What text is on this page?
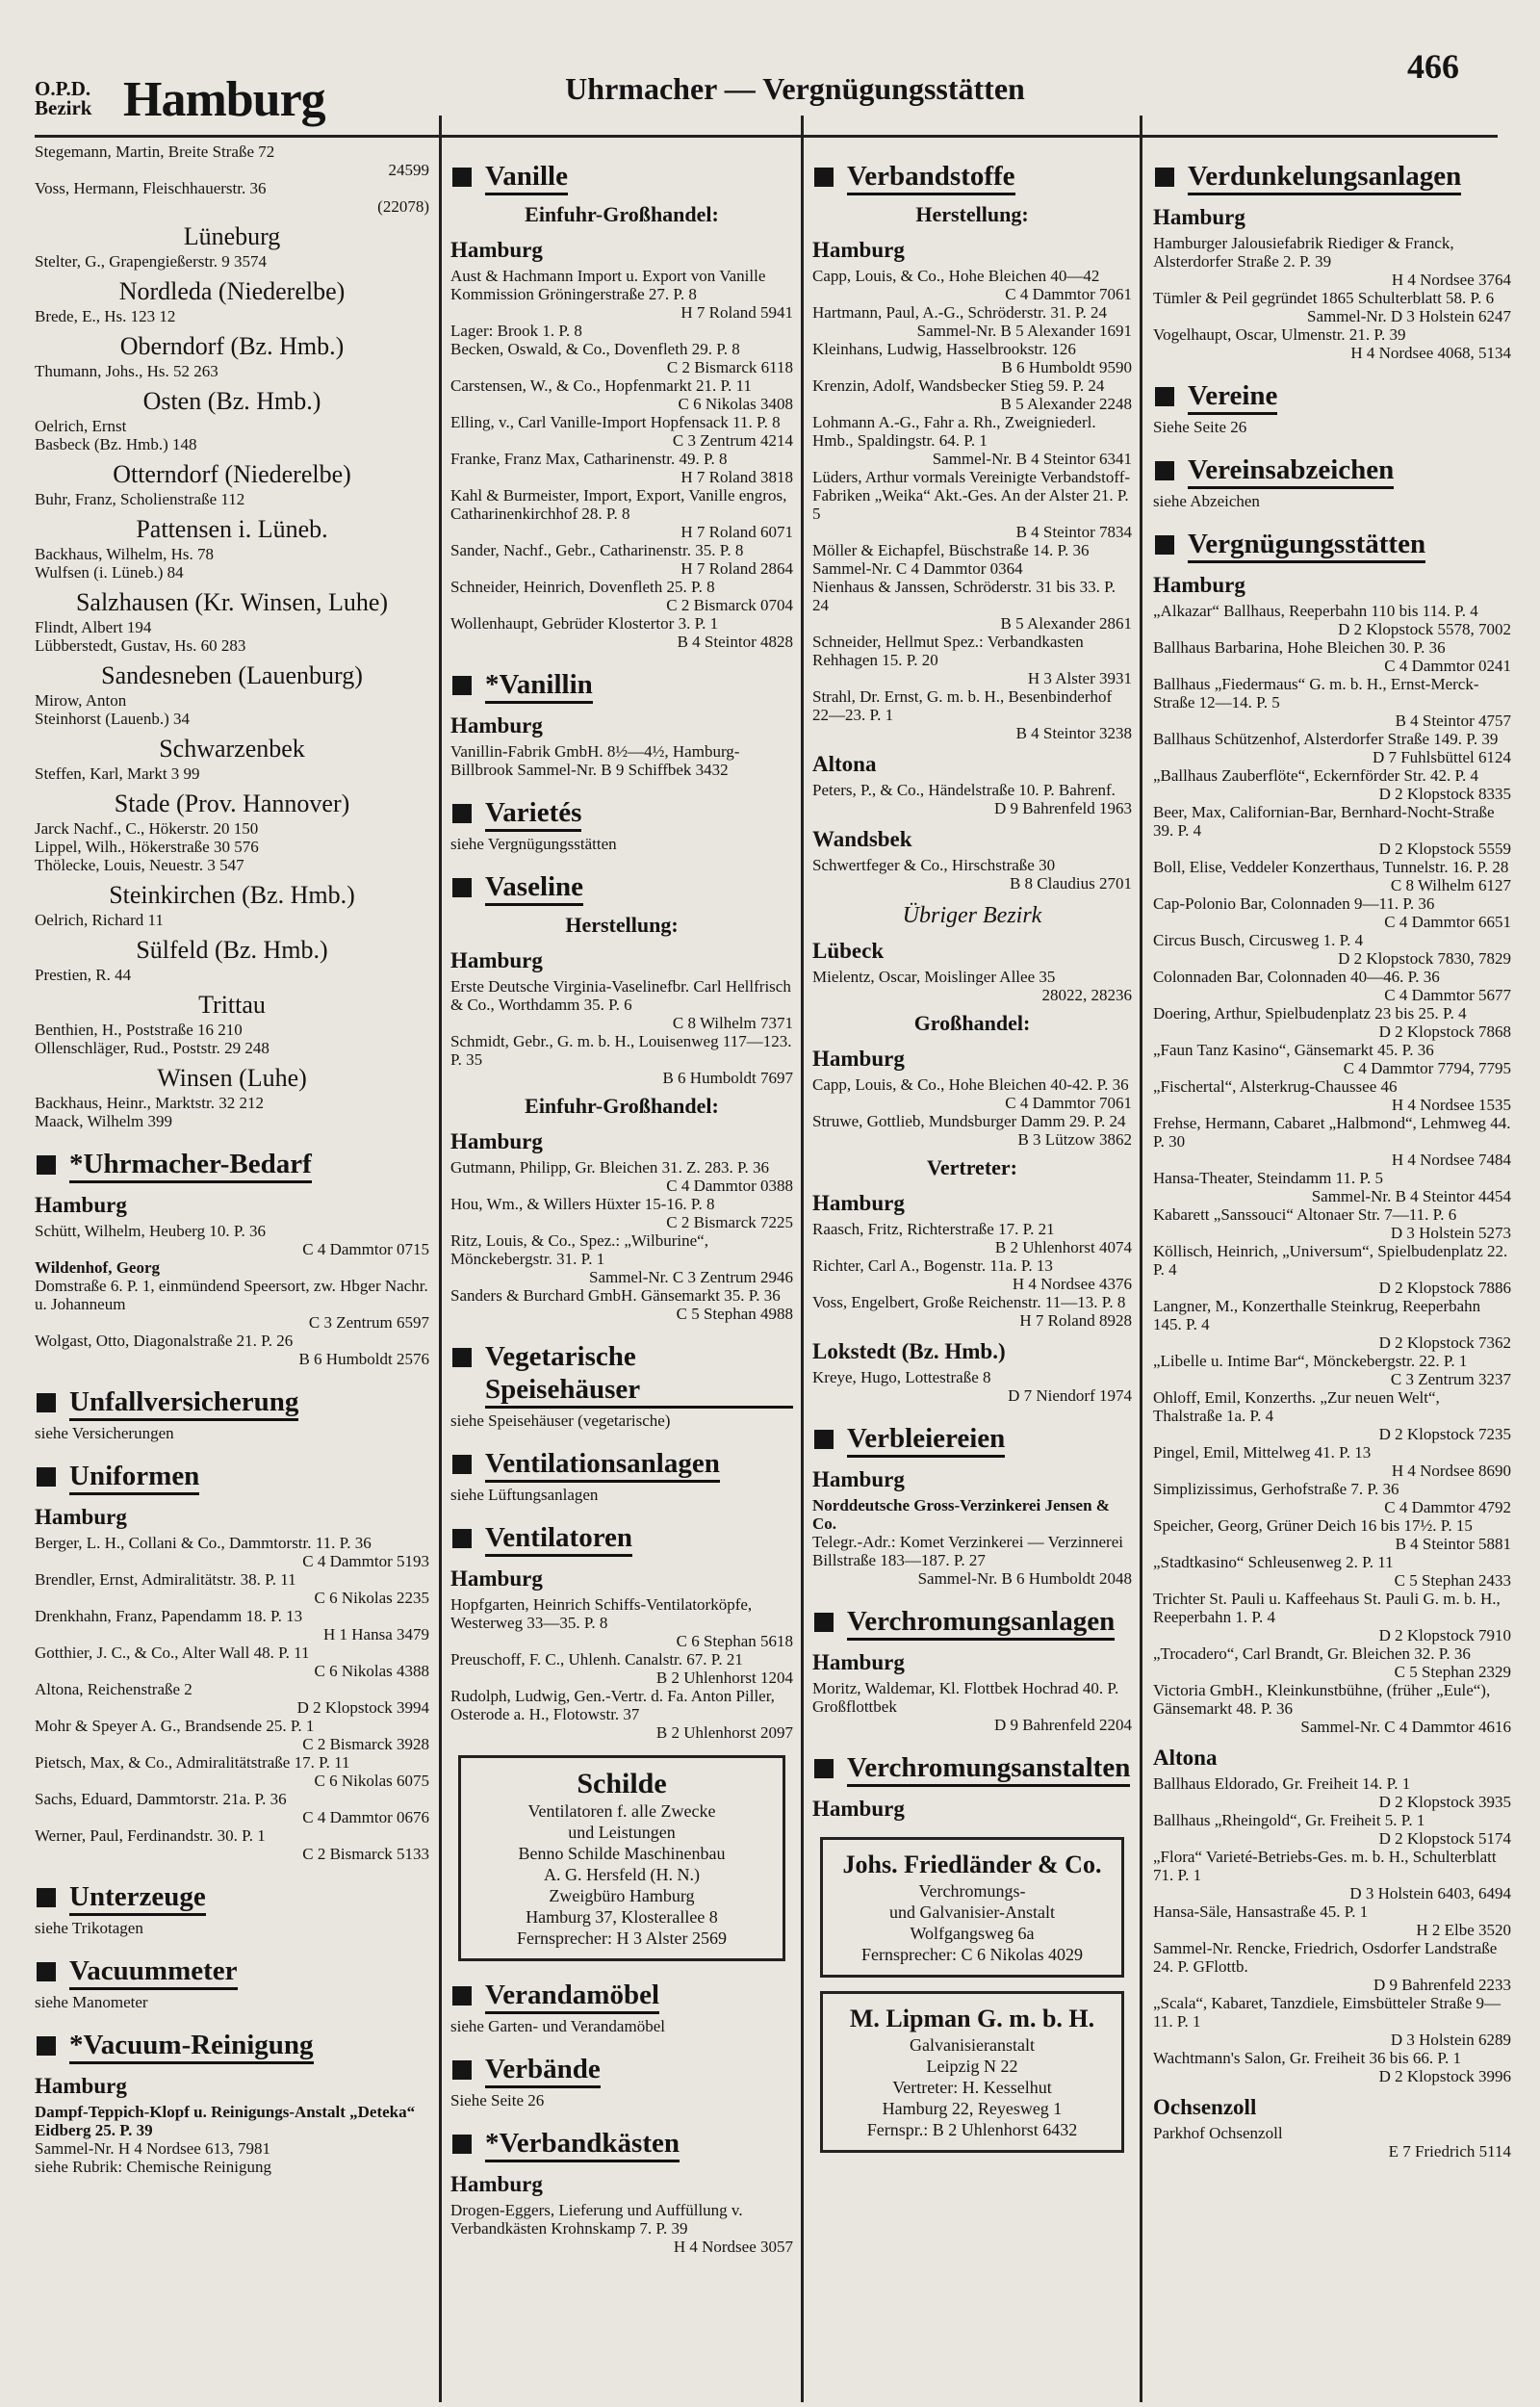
O.P.D.
Bezirk Hamburg	Uhrmacher — Vergnügungsstätten
466
Stegemann, Martin, Breite Straße 72
24599
Voss, Hermann, Fleischhauerstr. 36
(22078)
Lüneburg
Stelter, G., Grapengießerstr. 9 3574
Nordleda (Niederelbe)
Brede, E., Hs. 123 12
Oberndorf (Bz. Hmb.)
Thumann, Johs., Hs. 52 263
Osten (Bz. Hmb.)
Oelrich, Ernst
Basbeck (Bz. Hmb.) 148
Otterndorf (Niederelbe)
Buhr, Franz, Scholienstraße 112
Pattensen i. Lüneb.
Backhaus, Wilhelm, Hs. 78
Wulfsen (i. Lüneb.) 84
Salzhausen (Kr. Winsen, Luhe)
Flindt, Albert 194
Lübberstedt, Gustav, Hs. 60 283
Sandesneben (Lauenburg)
Mirow, Anton
Steinhorst (Lauenb.) 34
Schwarzenbek
Steffen, Karl, Markt 3 99
Stade (Prov. Hannover)
Jarck Nachf., C., Hökerstr. 20 150
Lippel, Wilh., Hökerstraße 30 576
Thölecke, Louis, Neuestr. 3 547
Steinkirchen (Bz. Hmb.)
Oelrich, Richard 11
Sülfeld (Bz. Hmb.)
Prestien, R. 44
Trittau
Benthien, H., Poststraße 16 210
Ollenschläger, Rud., Poststr. 29 248
Winsen (Luhe)
Backhaus, Heinr., Marktstr. 32 212
Maack, Wilhelm 399
*Uhrmacher-Bedarf
Hamburg
Schütt, Wilhelm, Heuberg 10. P. 36
C 4 Dammtor 0715
Wildenhof, Georg
Domstraße 6. P. 1, einmündend Speersort, zw. Hbger Nachr. u. Johanneum
C 3 Zentrum 6597
Wolgast, Otto, Diagonalstraße 21. P. 26
B 6 Humboldt 2576
Unfallversicherung
siehe Versicherungen
Uniformen
Hamburg
Berger, L. H., Collani & Co., Dammtorstr. 11. P. 36
C 4 Dammtor 5193
Brendler, Ernst, Admiralitätstr. 38. P. 11
C 6 Nikolas 2235
Drenkhahn, Franz, Papendamm 18. P. 13
H 1 Hansa 3479
Gotthier, J. C., & Co., Alter Wall 48. P. 11
C 6 Nikolas 4388
Altona, Reichenstraße 2
D 2 Klopstock 3994
Mohr & Speyer A. G., Brandsende 25. P. 1
C 2 Bismarck 3928
Pietsch, Max, & Co., Admiralitätstraße 17. P. 11
C 6 Nikolas 6075
Sachs, Eduard, Dammtorstr. 21a. P. 36
C 4 Dammtor 0676
Werner, Paul, Ferdinandstr. 30. P. 1
C 2 Bismarck 5133
Unterzeuge
siehe Trikotagen
Vacuummeter
siehe Manometer
*Vacuum-Reinigung
Hamburg
Dampf-Teppich-Klopf u. Reinigungs-Anstalt „Deteka“ Eidberg 25. P. 39
Sammel-Nr. H 4 Nordsee 613, 7981
siehe Rubrik: Chemische Reinigung
Vanille
Einfuhr-Großhandel:
Hamburg
Aust & Hachmann Import u. Export von Vanille Kommission Gröningerstraße 27. P. 8
H 7 Roland 5941
Lager: Brook 1. P. 8
Becken, Oswald, & Co., Dovenfleth 29. P. 8
C 2 Bismarck 6118
Carstensen, W., & Co., Hopfenmarkt 21. P. 11
C 6 Nikolas 3408
Elling, v., Carl Vanille-Import Hopfensack 11. P. 8
C 3 Zentrum 4214
Franke, Franz Max, Catharinenstr. 49. P. 8
H 7 Roland 3818
Kahl & Burmeister, Import, Export, Vanille engros, Catharinenkirchhof 28. P. 8
H 7 Roland 6071
Sander, Nachf., Gebr., Catharinenstr. 35. P. 8
H 7 Roland 2864
Schneider, Heinrich, Dovenfleth 25. P. 8
C 2 Bismarck 0704
Wollenhaupt, Gebrüder Klostertor 3. P. 1
B 4 Steintor 4828
*Vanillin
Hamburg
Vanillin-Fabrik GmbH. 8½—4½, Hamburg-Billbrook Sammel-Nr. B 9 Schiffbek 3432
Varietés
siehe Vergnügungsstätten
Vaseline
Herstellung:
Hamburg
Erste Deutsche Virginia-Vaselinefbr. Carl Hellfrisch & Co., Worthdamm 35. P. 6
C 8 Wilhelm 7371
Schmidt, Gebr., G. m. b. H., Louisenweg 117—123. P. 35
B 6 Humboldt 7697
Einfuhr-Großhandel:
Hamburg
Gutmann, Philipp, Gr. Bleichen 31. Z. 283. P. 36
C 4 Dammtor 0388
Hou, Wm., & Willers Hüxter 15-16. P. 8
C 2 Bismarck 7225
Ritz, Louis, & Co., Spez.: „Wilburine“, Mönckebergstr. 31. P. 1
Sammel-Nr. C 3 Zentrum 2946
Sanders & Burchard GmbH. Gänsemarkt 35. P. 36
C 5 Stephan 4988
Vegetarische Speisehäuser
siehe Speisehäuser (vegetarische)
Ventilationsanlagen
siehe Lüftungsanlagen
Ventilatoren
Hamburg
Hopfgarten, Heinrich Schiffs-Ventilatorköpfe, Westerweg 33—35. P. 8
C 6 Stephan 5618
Preuschoff, F. C., Uhlenh. Canalstr. 67. P. 21
B 2 Uhlenhorst 1204
Rudolph, Ludwig, Gen.-Vertr. d. Fa. Anton Piller, Osterode a. H., Flotowstr. 37
B 2 Uhlenhorst 2097
Schilde
Ventilatoren f. alle Zwecke
und Leistungen
Benno Schilde Maschinenbau
A. G. Hersfeld (H. N.)
Zweigbüro Hamburg
Hamburg 37, Klosterallee 8
Fernsprecher: H 3 Alster 2569
Verandamöbel
siehe Garten- und Verandamöbel
Verbände
Siehe Seite 26
*Verbandkästen
Hamburg
Drogen-Eggers, Lieferung und Auffüllung v. Verbandkästen Krohnskamp 7. P. 39
H 4 Nordsee 3057
Verbandstoffe
Herstellung:
Hamburg
Capp, Louis, & Co., Hohe Bleichen 40—42
C 4 Dammtor 7061
Hartmann, Paul, A.-G., Schröderstr. 31. P. 24
Sammel-Nr. B 5 Alexander 1691
Kleinhans, Ludwig, Hasselbrookstr. 126
B 6 Humboldt 9590
Krenzin, Adolf, Wandsbecker Stieg 59. P. 24
B 5 Alexander 2248
Lohmann A.-G., Fahr a. Rh., Zweigniederl. Hmb., Spaldingstr. 64. P. 1
Sammel-Nr. B 4 Steintor 6341
Lüders, Arthur vormals Vereinigte Verbandstoff-Fabriken „Weika“ Akt.-Ges. An der Alster 21. P. 5
B 4 Steintor 7834
Möller & Eichapfel, Büschstraße 14. P. 36 Sammel-Nr. C 4 Dammtor 0364
Nienhaus & Janssen, Schröderstr. 31 bis 33. P. 24
B 5 Alexander 2861
Schneider, Hellmut Spez.: Verbandkasten Rehhagen 15. P. 20
H 3 Alster 3931
Strahl, Dr. Ernst, G. m. b. H., Besenbinderhof 22—23. P. 1
B 4 Steintor 3238
Altona
Peters, P., & Co., Händelstraße 10. P. Bahrenf.
D 9 Bahrenfeld 1963
Wandsbek
Schwertfeger & Co., Hirschstraße 30
B 8 Claudius 2701
Übriger Bezirk
Lübeck
Mielentz, Oscar, Moislinger Allee 35
28022, 28236
Großhandel:
Hamburg
Capp, Louis, & Co., Hohe Bleichen 40-42. P. 36
C 4 Dammtor 7061
Struwe, Gottlieb, Mundsburger Damm 29. P. 24
B 3 Lützow 3862
Vertreter:
Hamburg
Raasch, Fritz, Richterstraße 17. P. 21
B 2 Uhlenhorst 4074
Richter, Carl A., Bogenstr. 11a. P. 13
H 4 Nordsee 4376
Voss, Engelbert, Große Reichenstr. 11—13. P. 8
H 7 Roland 8928
Lokstedt (Bz. Hmb.)
Kreye, Hugo, Lottestraße 8
D 7 Niendorf 1974
Verbleiereien
Hamburg
Norddeutsche Gross-Verzinkerei Jensen & Co.
Telegr.-Adr.: Komet Verzinkerei — Verzinnerei Billstraße 183—187. P. 27
Sammel-Nr. B 6 Humboldt 2048
Verchromungsanlagen
Hamburg
Moritz, Waldemar, Kl. Flottbek Hochrad 40. P. Großflottbek
D 9 Bahrenfeld 2204
Verchromungsanstalten
Hamburg
Johs. Friedländer & Co.
Verchromungs-
und Galvanisier-Anstalt
Wolfgangsweg 6a
Fernsprecher: C 6 Nikolas 4029
M. Lipman G. m. b. H.
Galvanisieranstalt
Leipzig N 22
Vertreter: H. Kesselhut
Hamburg 22, Reyesweg 1
Fernspr.: B 2 Uhlenhorst 6432
Verdunkelungsanlagen
Hamburg
Hamburger Jalousiefabrik Riediger & Franck, Alsterdorfer Straße 2. P. 39
H 4 Nordsee 3764
Tümler & Peil gegründet 1865 Schulterblatt 58. P. 6
Sammel-Nr. D 3 Holstein 6247
Vogelhaupt, Oscar, Ulmenstr. 21. P. 39
H 4 Nordsee 4068, 5134
Vereine
Siehe Seite 26
Vereinsabzeichen
siehe Abzeichen
Vergnügungsstätten
Hamburg
„Alkazar“ Ballhaus, Reeperbahn 110 bis 114. P. 4
D 2 Klopstock 5578, 7002
Ballhaus Barbarina, Hohe Bleichen 30. P. 36
C 4 Dammtor 0241
Ballhaus „Fiedermaus“ G. m. b. H., Ernst-Merck-Straße 12—14. P. 5
B 4 Steintor 4757
Ballhaus Schützenhof, Alsterdorfer Straße 149. P. 39
D 7 Fuhlsbüttel 6124
„Ballhaus Zauberflöte“, Eckernförder Str. 42. P. 4
D 2 Klopstock 8335
Beer, Max, Californian-Bar, Bernhard-Nocht-Straße 39. P. 4
D 2 Klopstock 5559
Boll, Elise, Veddeler Konzerthaus, Tunnelstr. 16. P. 28
C 8 Wilhelm 6127
Cap-Polonio Bar, Colonnaden 9—11. P. 36
C 4 Dammtor 6651
Circus Busch, Circusweg 1. P. 4
D 2 Klopstock 7830, 7829
Colonnaden Bar, Colonnaden 40—46. P. 36
C 4 Dammtor 5677
Doering, Arthur, Spielbudenplatz 23 bis 25. P. 4
D 2 Klopstock 7868
„Faun Tanz Kasino“, Gänsemarkt 45. P. 36
C 4 Dammtor 7794, 7795
„Fischertal“, Alsterkrug-Chaussee 46
H 4 Nordsee 1535
Frehse, Hermann, Cabaret „Halbmond“, Lehmweg 44. P. 30
H 4 Nordsee 7484
Hansa-Theater, Steindamm 11. P. 5
Sammel-Nr. B 4 Steintor 4454
Kabarett „Sanssouci“ Altonaer Str. 7—11. P. 6
D 3 Holstein 5273
Köllisch, Heinrich, „Universum“, Spielbudenplatz 22. P. 4
D 2 Klopstock 7886
Langner, M., Konzerthalle Steinkrug, Reeperbahn 145. P. 4
D 2 Klopstock 7362
„Libelle u. Intime Bar“, Mönckebergstr. 22. P. 1
C 3 Zentrum 3237
Ohloff, Emil, Konzerths. „Zur neuen Welt“, Thalstraße 1a. P. 4
D 2 Klopstock 7235
Pingel, Emil, Mittelweg 41. P. 13
H 4 Nordsee 8690
Simplizissimus, Gerhofstraße 7. P. 36
C 4 Dammtor 4792
Speicher, Georg, Grüner Deich 16 bis 17½. P. 15
B 4 Steintor 5881
„Stadtkasino“ Schleusenweg 2. P. 11
C 5 Stephan 2433
Trichter St. Pauli u. Kaffeehaus St. Pauli G. m. b. H., Reeperbahn 1. P. 4
D 2 Klopstock 7910
„Trocadero“, Carl Brandt, Gr. Bleichen 32. P. 36
C 5 Stephan 2329
Victoria GmbH., Kleinkunstbühne, (früher „Eule“), Gänsemarkt 48. P. 36
Sammel-Nr. C 4 Dammtor 4616
Altona
Ballhaus Eldorado, Gr. Freiheit 14. P. 1
D 2 Klopstock 3935
Ballhaus „Rheingold“, Gr. Freiheit 5. P. 1
D 2 Klopstock 5174
„Flora“ Varieté-Betriebs-Ges. m. b. H., Schulterblatt 71. P. 1
D 3 Holstein 6403, 6494
Hansa-Säle, Hansastraße 45. P. 1
H 2 Elbe 3520
Sammel-Nr. Rencke, Friedrich, Osdorfer Landstraße 24. P. GFlottb.
D 9 Bahrenfeld 2233
„Scala“, Kabaret, Tanzdiele, Eimsbütteler Straße 9—11. P. 1
D 3 Holstein 6289
Wachtmann's Salon, Gr. Freiheit 36 bis 66. P. 1
D 2 Klopstock 3996
Ochsenzoll
Parkhof Ochsenzoll
E 7 Friedrich 5114
